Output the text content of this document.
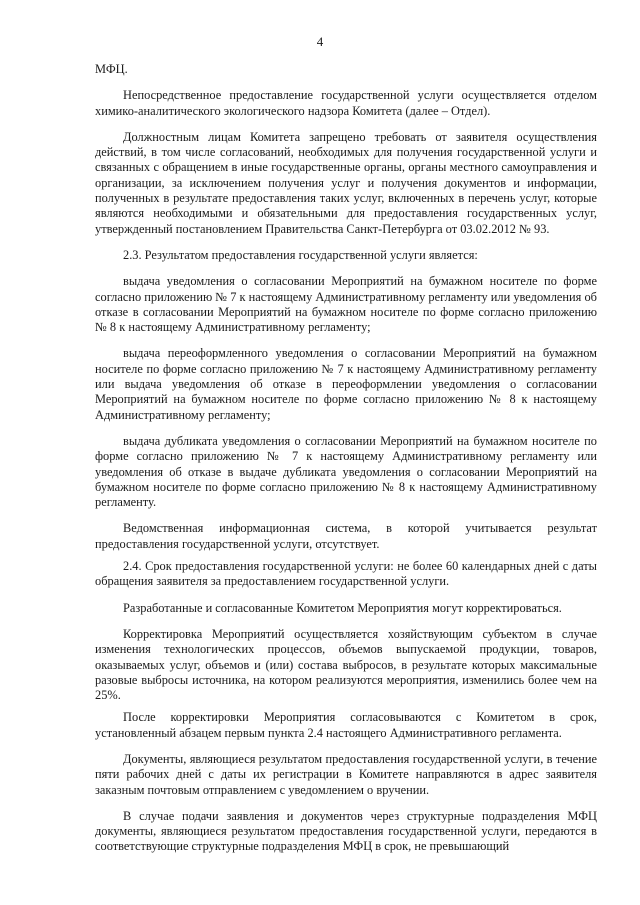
4

МФЦ.

Непосредственное предоставление государственной услуги осуществляется отделом химико-аналитического экологического надзора Комитета (далее – Отдел).

Должностным лицам Комитета запрещено требовать от заявителя осуществления действий, в том числе согласований, необходимых для получения государственной услуги и связанных с обращением в иные государственные органы, органы местного самоуправления и организации, за исключением получения услуг и получения документов и информации, полученных в результате предоставления таких услуг, включенных в перечень услуг, которые являются необходимыми и обязательными для предоставления государственных услуг, утвержденный постановлением Правительства Санкт-Петербурга от 03.02.2012 № 93.

2.3. Результатом предоставления государственной услуги является:

выдача уведомления о согласовании Мероприятий на бумажном носителе по форме согласно приложению № 7 к настоящему Административному регламенту или уведомления об отказе в согласовании Мероприятий на бумажном носителе по форме согласно приложению № 8 к настоящему Административному регламенту;

выдача переоформленного уведомления о согласовании Мероприятий на бумажном носителе по форме согласно приложению № 7 к настоящему Административному регламенту или выдача уведомления об отказе в переоформлении уведомления о согласовании Мероприятий на бумажном носителе по форме согласно приложению № 8 к настоящему Административному регламенту;

выдача дубликата уведомления о согласовании Мероприятий на бумажном носителе по форме согласно приложению № 7 к настоящему Административному регламенту или уведомления об отказе в выдаче дубликата уведомления о согласовании Мероприятий на бумажном носителе по форме согласно приложению № 8 к настоящему Административному регламенту.

Ведомственная информационная система, в которой учитывается результат предоставления государственной услуги, отсутствует.

2.4. Срок предоставления государственной услуги: не более 60 календарных дней с даты обращения заявителя за предоставлением государственной услуги.

Разработанные и согласованные Комитетом Мероприятия могут корректироваться.

Корректировка Мероприятий осуществляется хозяйствующим субъектом в случае изменения технологических процессов, объемов выпускаемой продукции, товаров, оказываемых услуг, объемов и (или) состава выбросов, в результате которых максимальные разовые выбросы источника, на котором реализуются мероприятия, изменились более чем на 25%.

После корректировки Мероприятия согласовываются с Комитетом в срок, установленный абзацем первым пункта 2.4 настоящего Административного регламента.

Документы, являющиеся результатом предоставления государственной услуги, в течение пяти рабочих дней с даты их регистрации в Комитете направляются в адрес заявителя заказным почтовым отправлением с уведомлением о вручении.

В случае подачи заявления и документов через структурные подразделения МФЦ документы, являющиеся результатом предоставления государственной услуги, передаются в соответствующие структурные подразделения МФЦ в срок, не превышающий
